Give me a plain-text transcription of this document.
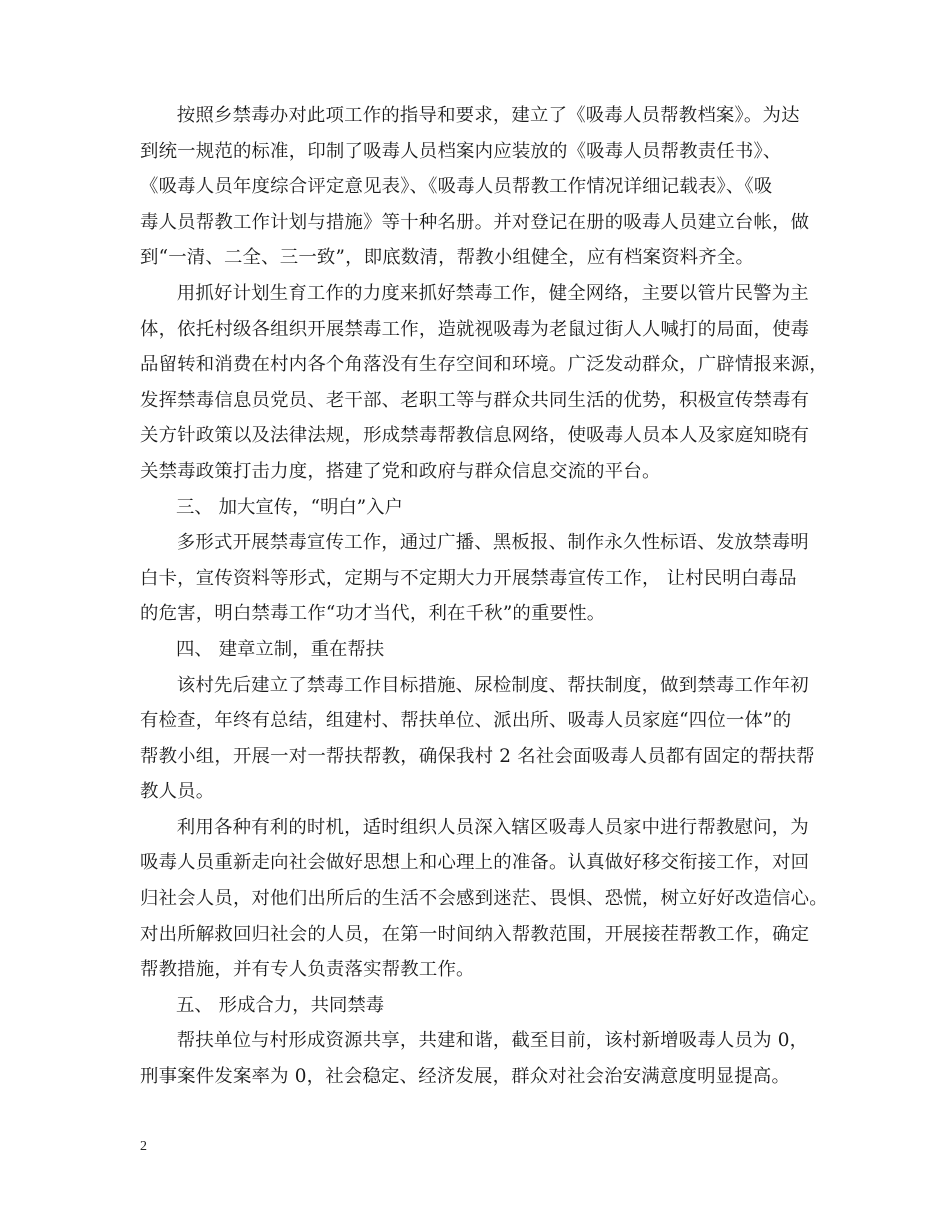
按照乡禁毒办对此项工作的指导和要求，建立了《吸毒人员帮教档案》。为达
到统一规范的标准，印制了吸毒人员档案内应装放的《吸毒人员帮教责任书》、
《吸毒人员年度综合评定意见表》、《吸毒人员帮教工作情况详细记载表》、《吸
毒人员帮教工作计划与措施》等十种名册。并对登记在册的吸毒人员建立台帐，做
到“一清、二全、三一致”，即底数清，帮教小组健全，应有档案资料齐全。
用抓好计划生育工作的力度来抓好禁毒工作，健全网络，主要以管片民警为主
体，依托村级各组织开展禁毒工作，造就视吸毒为老鼠过街人人喊打的局面，使毒
品留转和消费在村内各个角落没有生存空间和环境。广泛发动群众，广辟情报来源，
发挥禁毒信息员党员、老干部、老职工等与群众共同生活的优势，积极宣传禁毒有
关方针政策以及法律法规，形成禁毒帮教信息网络，使吸毒人员本人及家庭知晓有
关禁毒政策打击力度，搭建了党和政府与群众信息交流的平台。
三、 加大宣传，“明白”入户
多形式开展禁毒宣传工作，通过广播、黑板报、制作永久性标语、发放禁毒明
白卡，宣传资料等形式，定期与不定期大力开展禁毒宣传工作， 让村民明白毒品
的危害，明白禁毒工作“功才当代，利在千秋”的重要性。
四、 建章立制，重在帮扶
该村先后建立了禁毒工作目标措施、尿检制度、帮扶制度，做到禁毒工作年初
有检查，年终有总结，组建村、帮扶单位、派出所、吸毒人员家庭“四位一体”的
帮教小组，开展一对一帮扶帮教，确保我村 2 名社会面吸毒人员都有固定的帮扶帮
教人员。
利用各种有利的时机，适时组织人员深入辖区吸毒人员家中进行帮教慰问，为
吸毒人员重新走向社会做好思想上和心理上的准备。认真做好移交衔接工作，对回
归社会人员，对他们出所后的生活不会感到迷茫、畏惧、恐慌，树立好好改造信心。
对出所解救回归社会的人员，在第一时间纳入帮教范围，开展接茬帮教工作，确定
帮教措施，并有专人负责落实帮教工作。
五、 形成合力，共同禁毒
帮扶单位与村形成资源共享，共建和谐，截至目前，该村新增吸毒人员为 0，
刑事案件发案率为 0，社会稳定、经济发展，群众对社会治安满意度明显提高。
2
